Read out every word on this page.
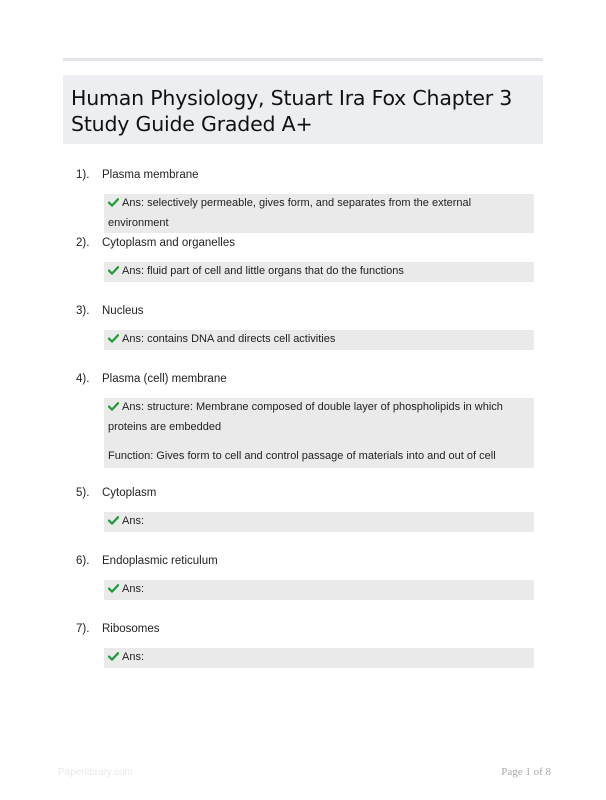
Human Physiology, Stuart Ira Fox Chapter 3 Study Guide Graded A+
1). Plasma membrane

Ans: selectively permeable, gives form, and separates from the external environment

2). Cytoplasm and organelles

Ans: fluid part of cell and little organs that do the functions

3). Nucleus

Ans: contains DNA and directs cell activities

4). Plasma (cell) membrane

Ans: structure: Membrane composed of double layer of phospholipids in which proteins are embedded

Function: Gives form to cell and control passage of materials into and out of cell

5). Cytoplasm

Ans:

6). Endoplasmic reticulum

Ans:

7). Ribosomes

Ans:

Paperlibrary.com	Page 1 of 8
